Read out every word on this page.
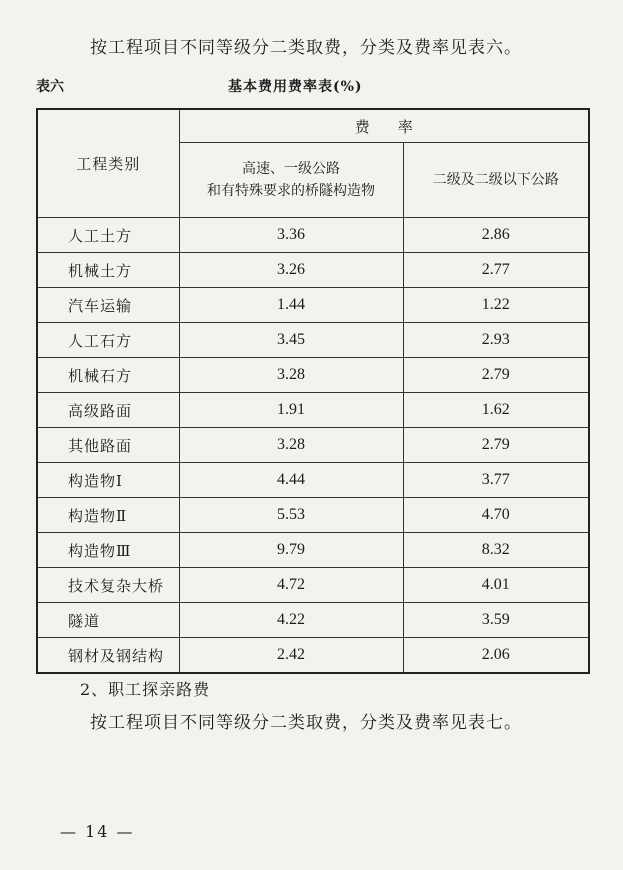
按工程项目不同等级分二类取费，分类及费率见表六。
表六	基本费用费率表(%)
工程类别	费率	

	高速、一级公路
和有特殊要求的桥隧构造物	二级及二级以下公路
人工土方	3.36	2.86
机械土方	3.26	2.77
汽车运输	1.44	1.22
人工石方	3.45	2.93
机械石方	3.28	2.79
高级路面	1.91	1.62
其他路面	3.28	2.79
构造物Ⅰ	4.44	3.77
构造物Ⅱ	5.53	4.70
构造物Ⅲ	9.79	8.32
技术复杂大桥	4.72	4.01
隧道	4.22	3.59
钢材及钢结构	2.42	2.06
2、职工探亲路费
按工程项目不同等级分二类取费，分类及费率见表七。
— 14 —
